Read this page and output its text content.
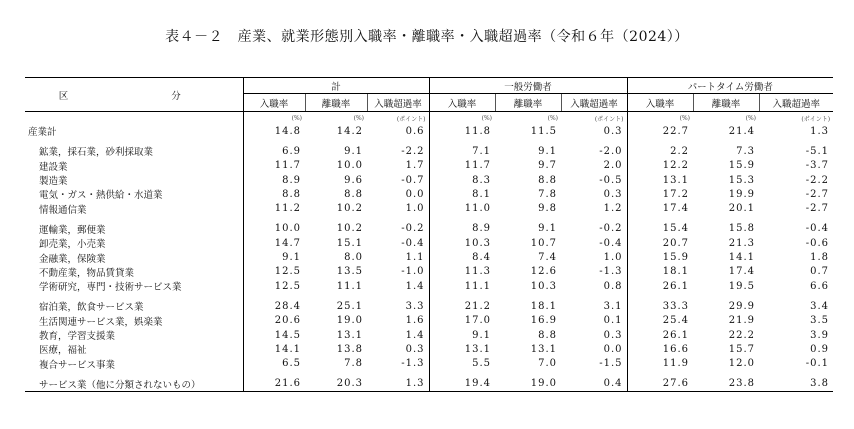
表４－２　産業、就業形態別入職率・離職率・入職超過率（令和６年（2024））
区　　分	計			一般労働者			パートタイム労働者		
	入職率	離職率	入職超過率	入職率	離職率	入職超過率	入職率	離職率	入職超過率
	(%)	(%)	(ポイント)	(%)	(%)	(ポイント)	(%)	(%)	(ポイント)
産業計	14.8	14.2	0.6	11.8	11.5	0.3	22.7	21.4	1.3
鉱業，採石業，砂利採取業	6.9	9.1	-2.2	7.1	9.1	-2.0	2.2	7.3	-5.1
建設業	11.7	10.0	1.7	11.7	9.7	2.0	12.2	15.9	-3.7
製造業	8.9	9.6	-0.7	8.3	8.8	-0.5	13.1	15.3	-2.2
電気・ガス・熱供給・水道業	8.8	8.8	0.0	8.1	7.8	0.3	17.2	19.9	-2.7
情報通信業	11.2	10.2	1.0	11.0	9.8	1.2	17.4	20.1	-2.7
運輸業，郵便業	10.0	10.2	-0.2	8.9	9.1	-0.2	15.4	15.8	-0.4
卸売業，小売業	14.7	15.1	-0.4	10.3	10.7	-0.4	20.7	21.3	-0.6
金融業，保険業	9.1	8.0	1.1	8.4	7.4	1.0	15.9	14.1	1.8
不動産業，物品賃貸業	12.5	13.5	-1.0	11.3	12.6	-1.3	18.1	17.4	0.7
学術研究，専門・技術サービス業	12.5	11.1	1.4	11.1	10.3	0.8	26.1	19.5	6.6
宿泊業，飲食サービス業	28.4	25.1	3.3	21.2	18.1	3.1	33.3	29.9	3.4
生活関連サービス業，娯楽業	20.6	19.0	1.6	17.0	16.9	0.1	25.4	21.9	3.5
教育，学習支援業	14.5	13.1	1.4	9.1	8.8	0.3	26.1	22.2	3.9
医療，福祉	14.1	13.8	0.3	13.1	13.1	0.0	16.6	15.7	0.9
複合サービス事業	6.5	7.8	-1.3	5.5	7.0	-1.5	11.9	12.0	-0.1
サービス業（他に分類されないもの）	21.6	20.3	1.3	19.4	19.0	0.4	27.6	23.8	3.8
